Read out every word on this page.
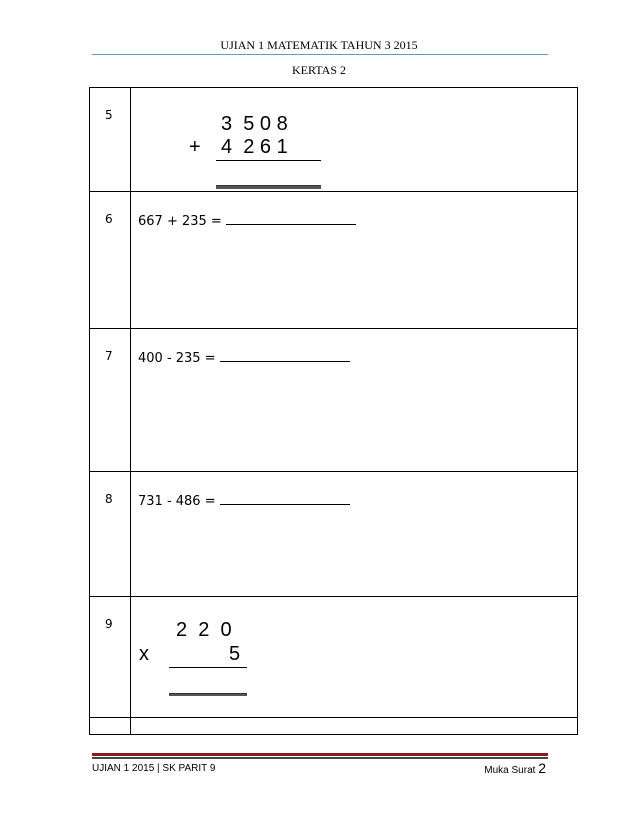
UJIAN 1 MATEMATIK TAHUN 3 2015
KERTAS 2
5	3  5 0 8
+ 4  2 6 1

6	667 + 235 =

7	400 - 235 =

8	731 - 486 =

9	2  2  0
x 5

UJIAN 1 2015 | SK PARIT 9	Muka Surat 2
